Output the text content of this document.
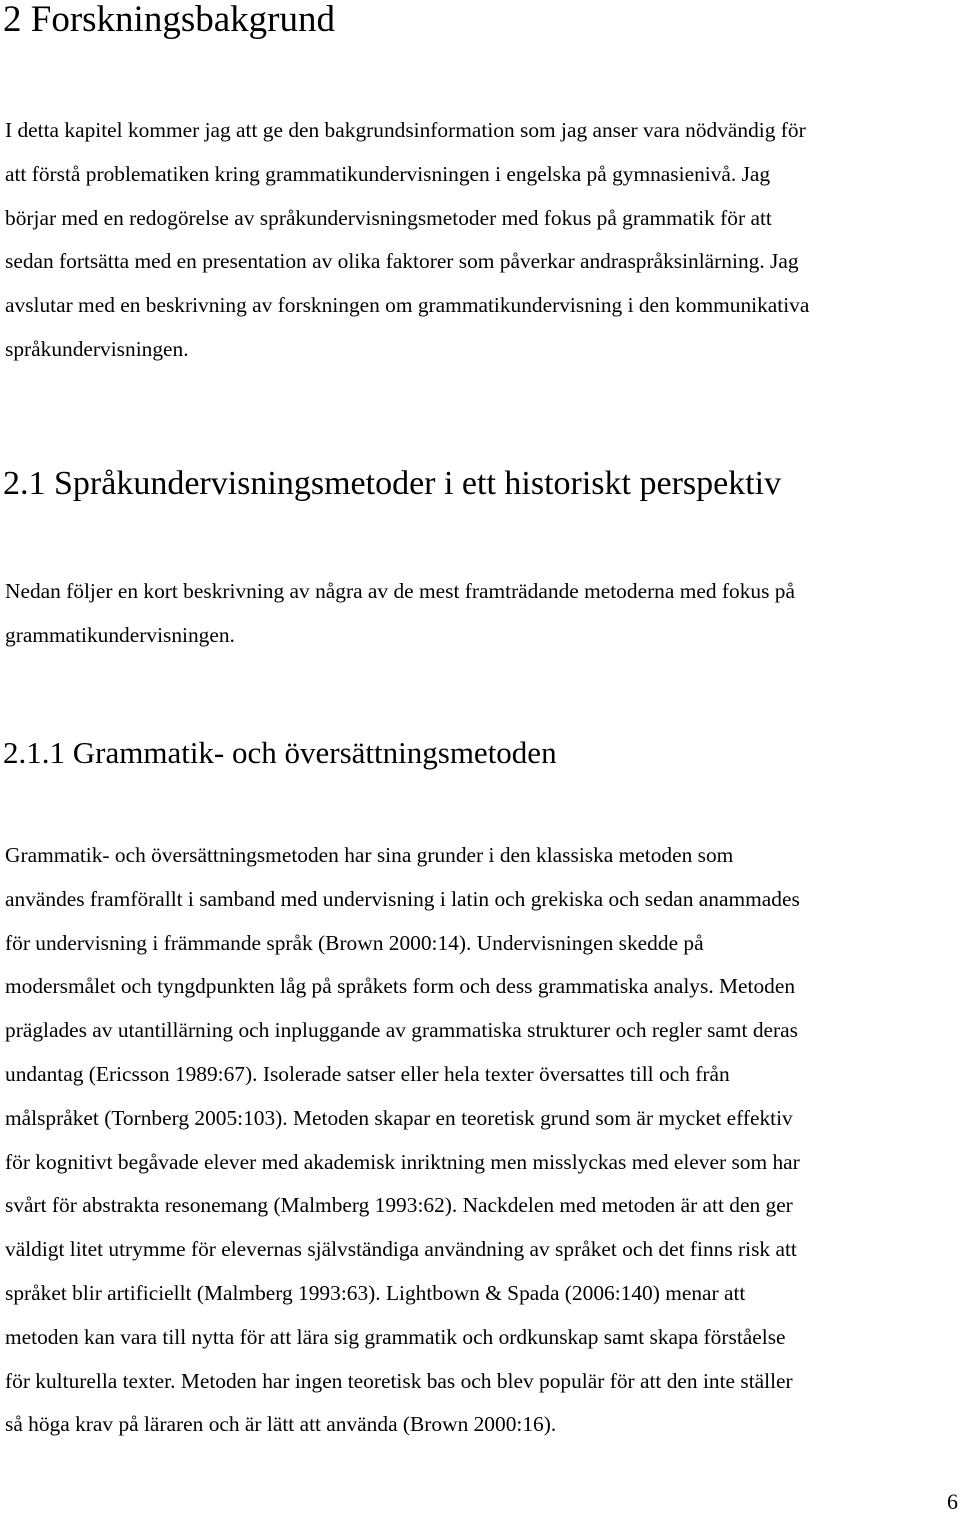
2 Forskningsbakgrund

I detta kapitel kommer jag att ge den bakgrundsinformation som jag anser vara nödvändig för
att förstå problematiken kring grammatikundervisningen i engelska på gymnasienivå. Jag
börjar med en redogörelse av språkundervisningsmetoder med fokus på grammatik för att
sedan fortsätta med en presentation av olika faktorer som påverkar andraspråksinlärning. Jag
avslutar med en beskrivning av forskningen om grammatikundervisning i den kommunikativa
språkundervisningen.

2.1 Språkundervisningsmetoder i ett historiskt perspektiv

Nedan följer en kort beskrivning av några av de mest framträdande metoderna med fokus på
grammatikundervisningen.

2.1.1 Grammatik- och översättningsmetoden

Grammatik- och översättningsmetoden har sina grunder i den klassiska metoden som
användes framförallt i samband med undervisning i latin och grekiska och sedan anammades
för undervisning i främmande språk (Brown 2000:14). Undervisningen skedde på
modersmålet och tyngdpunkten låg på språkets form och dess grammatiska analys. Metoden
präglades av utantillärning och inpluggande av grammatiska strukturer och regler samt deras
undantag (Ericsson 1989:67). Isolerade satser eller hela texter översattes till och från
målspråket (Tornberg 2005:103). Metoden skapar en teoretisk grund som är mycket effektiv
för kognitivt begåvade elever med akademisk inriktning men misslyckas med elever som har
svårt för abstrakta resonemang (Malmberg 1993:62). Nackdelen med metoden är att den ger
väldigt litet utrymme för elevernas självständiga användning av språket och det finns risk att
språket blir artificiellt (Malmberg 1993:63). Lightbown & Spada (2006:140) menar att
metoden kan vara till nytta för att lära sig grammatik och ordkunskap samt skapa förståelse
för kulturella texter. Metoden har ingen teoretisk bas och blev populär för att den inte ställer
så höga krav på läraren och är lätt att använda (Brown 2000:16).

6
